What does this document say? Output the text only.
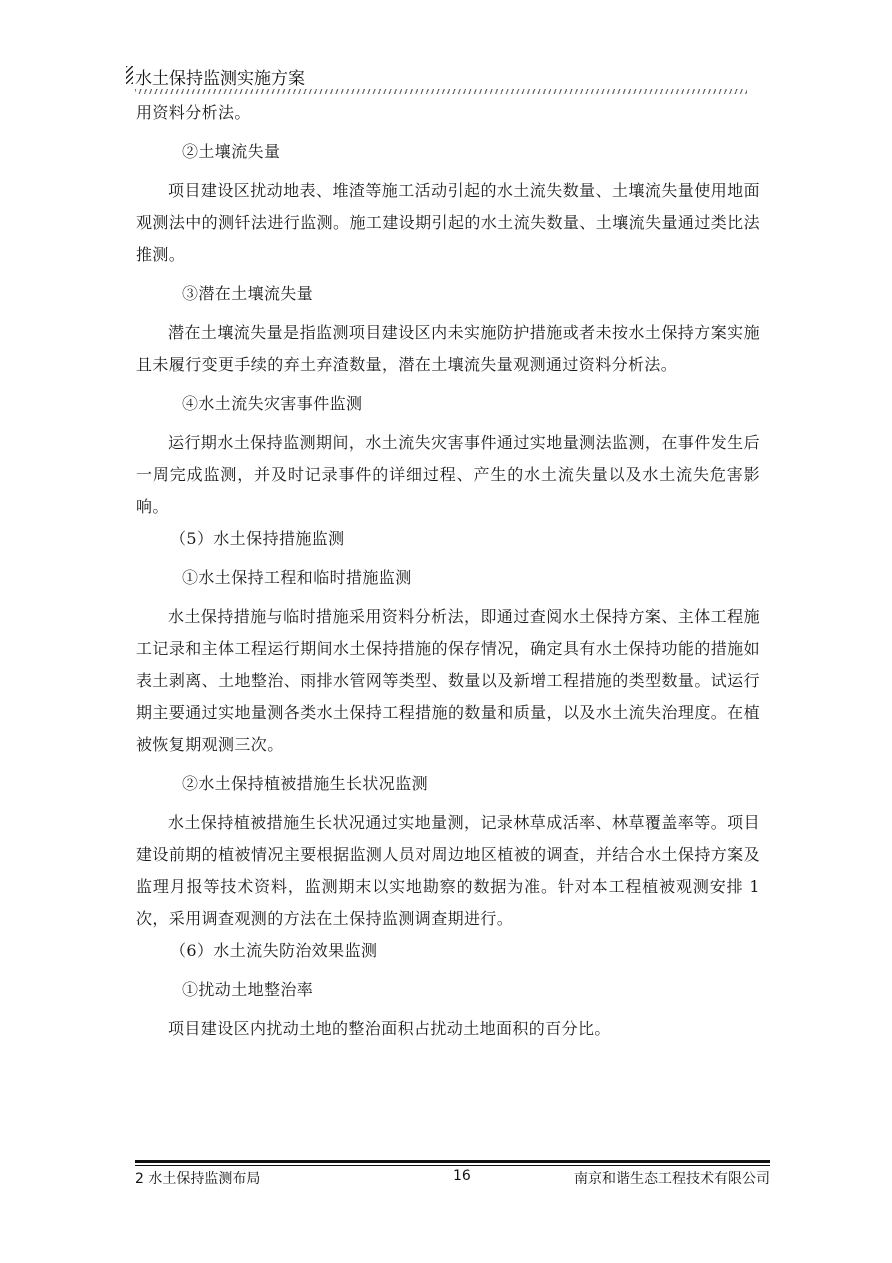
水土保持监测实施方案

用资料分析法。

②土壤流失量

项目建设区扰动地表、堆渣等施工活动引起的水土流失数量、土壤流失量使用地面观测法中的测钎法进行监测。施工建设期引起的水土流失数量、土壤流失量通过类比法推测。

③潜在土壤流失量

潜在土壤流失量是指监测项目建设区内未实施防护措施或者未按水土保持方案实施且未履行变更手续的弃土弃渣数量，潜在土壤流失量观测通过资料分析法。

④水土流失灾害事件监测

运行期水土保持监测期间，水土流失灾害事件通过实地量测法监测，在事件发生后一周完成监测，并及时记录事件的详细过程、产生的水土流失量以及水土流失危害影响。

（5）水土保持措施监测

①水土保持工程和临时措施监测

水土保持措施与临时措施采用资料分析法，即通过查阅水土保持方案、主体工程施工记录和主体工程运行期间水土保持措施的保存情况，确定具有水土保持功能的措施如表土剥离、土地整治、雨排水管网等类型、数量以及新增工程措施的类型数量。试运行期主要通过实地量测各类水土保持工程措施的数量和质量，以及水土流失治理度。在植被恢复期观测三次。

②水土保持植被措施生长状况监测

水土保持植被措施生长状况通过实地量测，记录林草成活率、林草覆盖率等。项目建设前期的植被情况主要根据监测人员对周边地区植被的调查，并结合水土保持方案及监理月报等技术资料，监测期末以实地勘察的数据为准。针对本工程植被观测安排 1 次，采用调查观测的方法在土保持监测调查期进行。

（6）水土流失防治效果监测

①扰动土地整治率

项目建设区内扰动土地的整治面积占扰动土地面积的百分比。

2 水土保持监测布局	16	南京和谐生态工程技术有限公司
